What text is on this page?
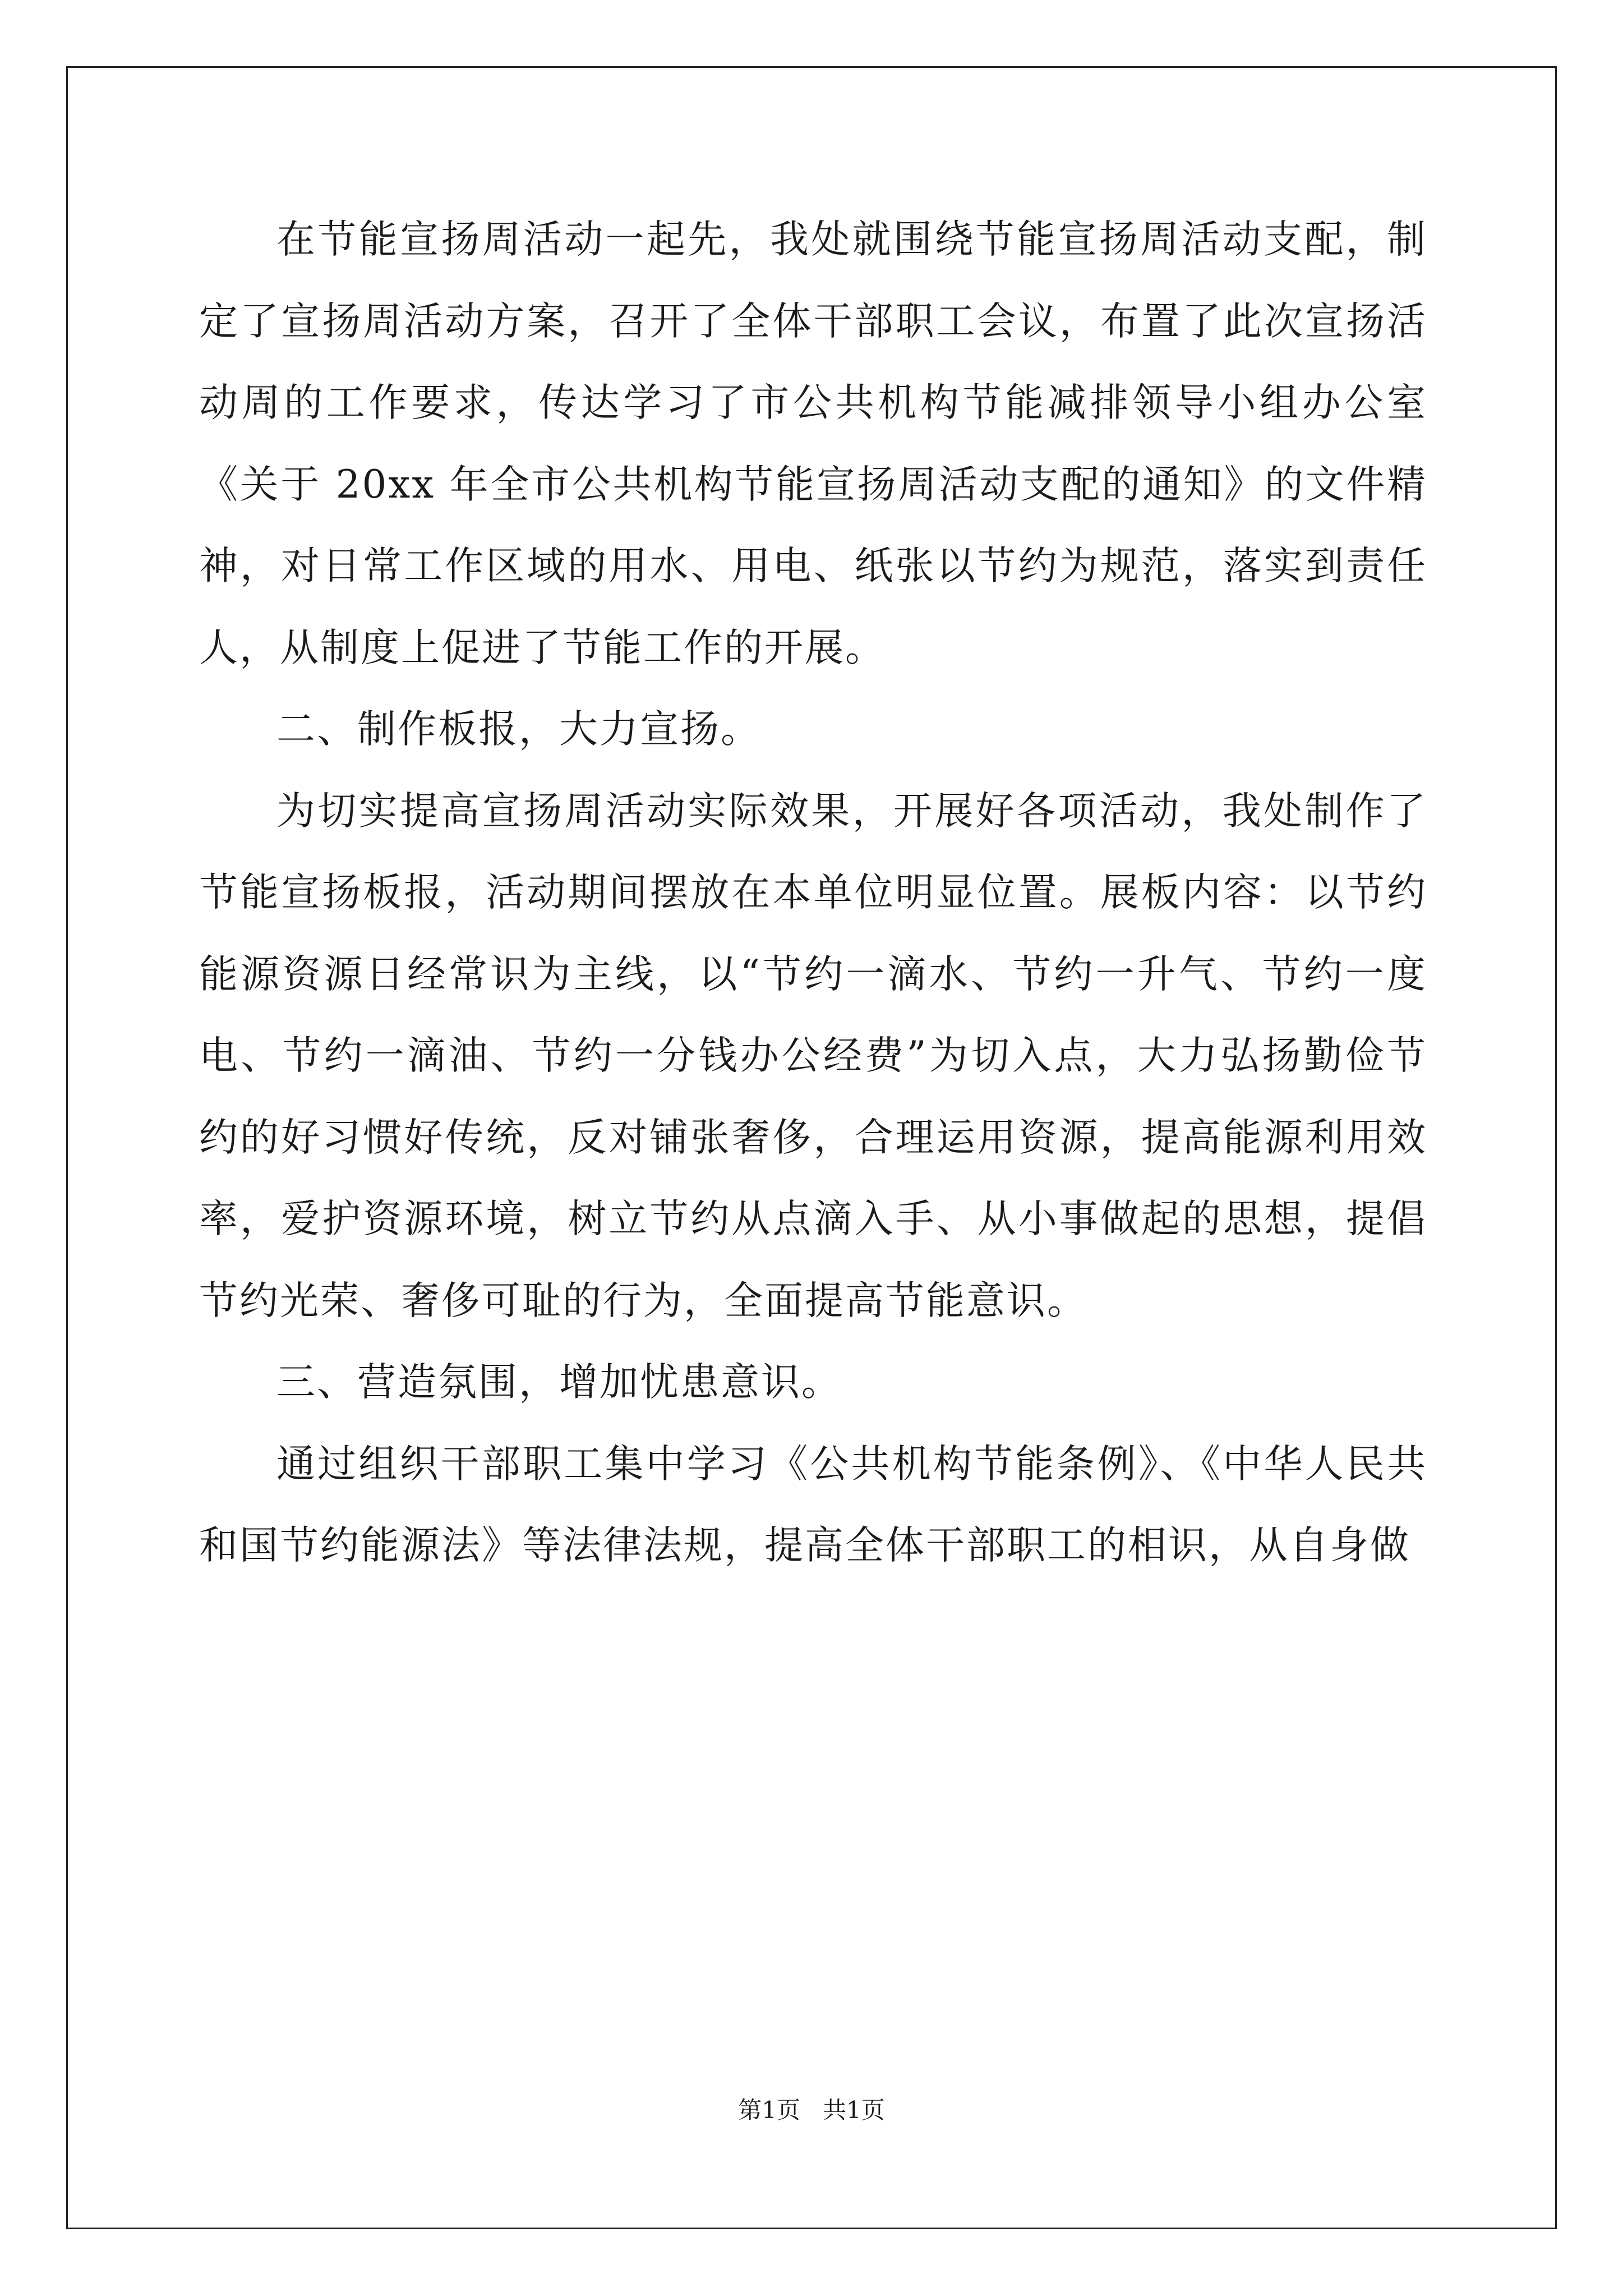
在节能宣扬周活动一起先，我处就围绕节能宣扬周活动支配，制定了宣扬周活动方案，召开了全体干部职工会议，布置了此次宣扬活动周的工作要求，传达学习了市公共机构节能减排领导小组办公室《关于 20xx 年全市公共机构节能宣扬周活动支配的通知》的文件精神，对日常工作区域的用水、用电、纸张以节约为规范，落实到责任人，从制度上促进了节能工作的开展。

二、制作板报，大力宣扬。

为切实提高宣扬周活动实际效果，开展好各项活动，我处制作了节能宣扬板报，活动期间摆放在本单位明显位置。展板内容：以节约能源资源日经常识为主线，以“节约一滴水、节约一升气、节约一度电、节约一滴油、节约一分钱办公经费”为切入点，大力弘扬勤俭节约的好习惯好传统，反对铺张奢侈，合理运用资源，提高能源利用效率，爱护资源环境，树立节约从点滴入手、从小事做起的思想，提倡节约光荣、奢侈可耻的行为，全面提高节能意识。

三、营造氛围，增加忧患意识。

通过组织干部职工集中学习《公共机构节能条例》、《中华人民共和国节约能源法》等法律法规，提高全体干部职工的相识，从自身做

第1页   共1页
